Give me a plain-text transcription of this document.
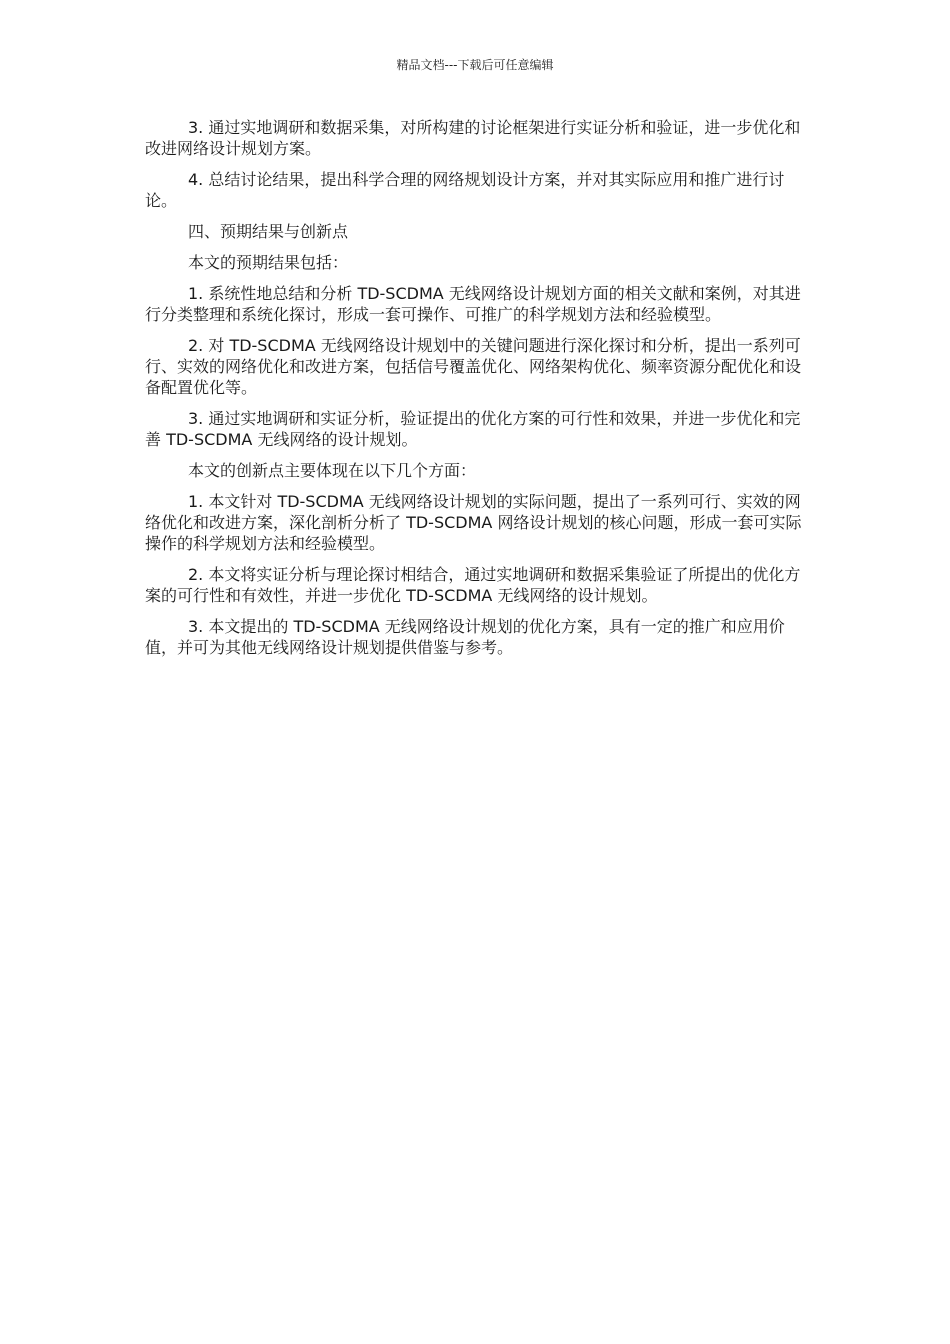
精品文档---下载后可任意编辑

3. 通过实地调研和数据采集，对所构建的讨论框架进行实证分析和验证，进一步优化和改进网络设计规划方案。

4. 总结讨论结果，提出科学合理的网络规划设计方案，并对其实际应用和推广进行讨论。

四、预期结果与创新点

本文的预期结果包括：

1. 系统性地总结和分析 TD-SCDMA 无线网络设计规划方面的相关文献和案例，对其进行分类整理和系统化探讨，形成一套可操作、可推广的科学规划方法和经验模型。

2. 对 TD-SCDMA 无线网络设计规划中的关键问题进行深化探讨和分析，提出一系列可行、实效的网络优化和改进方案，包括信号覆盖优化、网络架构优化、频率资源分配优化和设备配置优化等。

3. 通过实地调研和实证分析，验证提出的优化方案的可行性和效果，并进一步优化和完善 TD-SCDMA 无线网络的设计规划。

本文的创新点主要体现在以下几个方面：

1. 本文针对 TD-SCDMA 无线网络设计规划的实际问题，提出了一系列可行、实效的网络优化和改进方案，深化剖析分析了 TD-SCDMA 网络设计规划的核心问题，形成一套可实际操作的科学规划方法和经验模型。

2. 本文将实证分析与理论探讨相结合，通过实地调研和数据采集验证了所提出的优化方案的可行性和有效性，并进一步优化 TD-SCDMA 无线网络的设计规划。

3. 本文提出的 TD-SCDMA 无线网络设计规划的优化方案，具有一定的推广和应用价值，并可为其他无线网络设计规划提供借鉴与参考。
